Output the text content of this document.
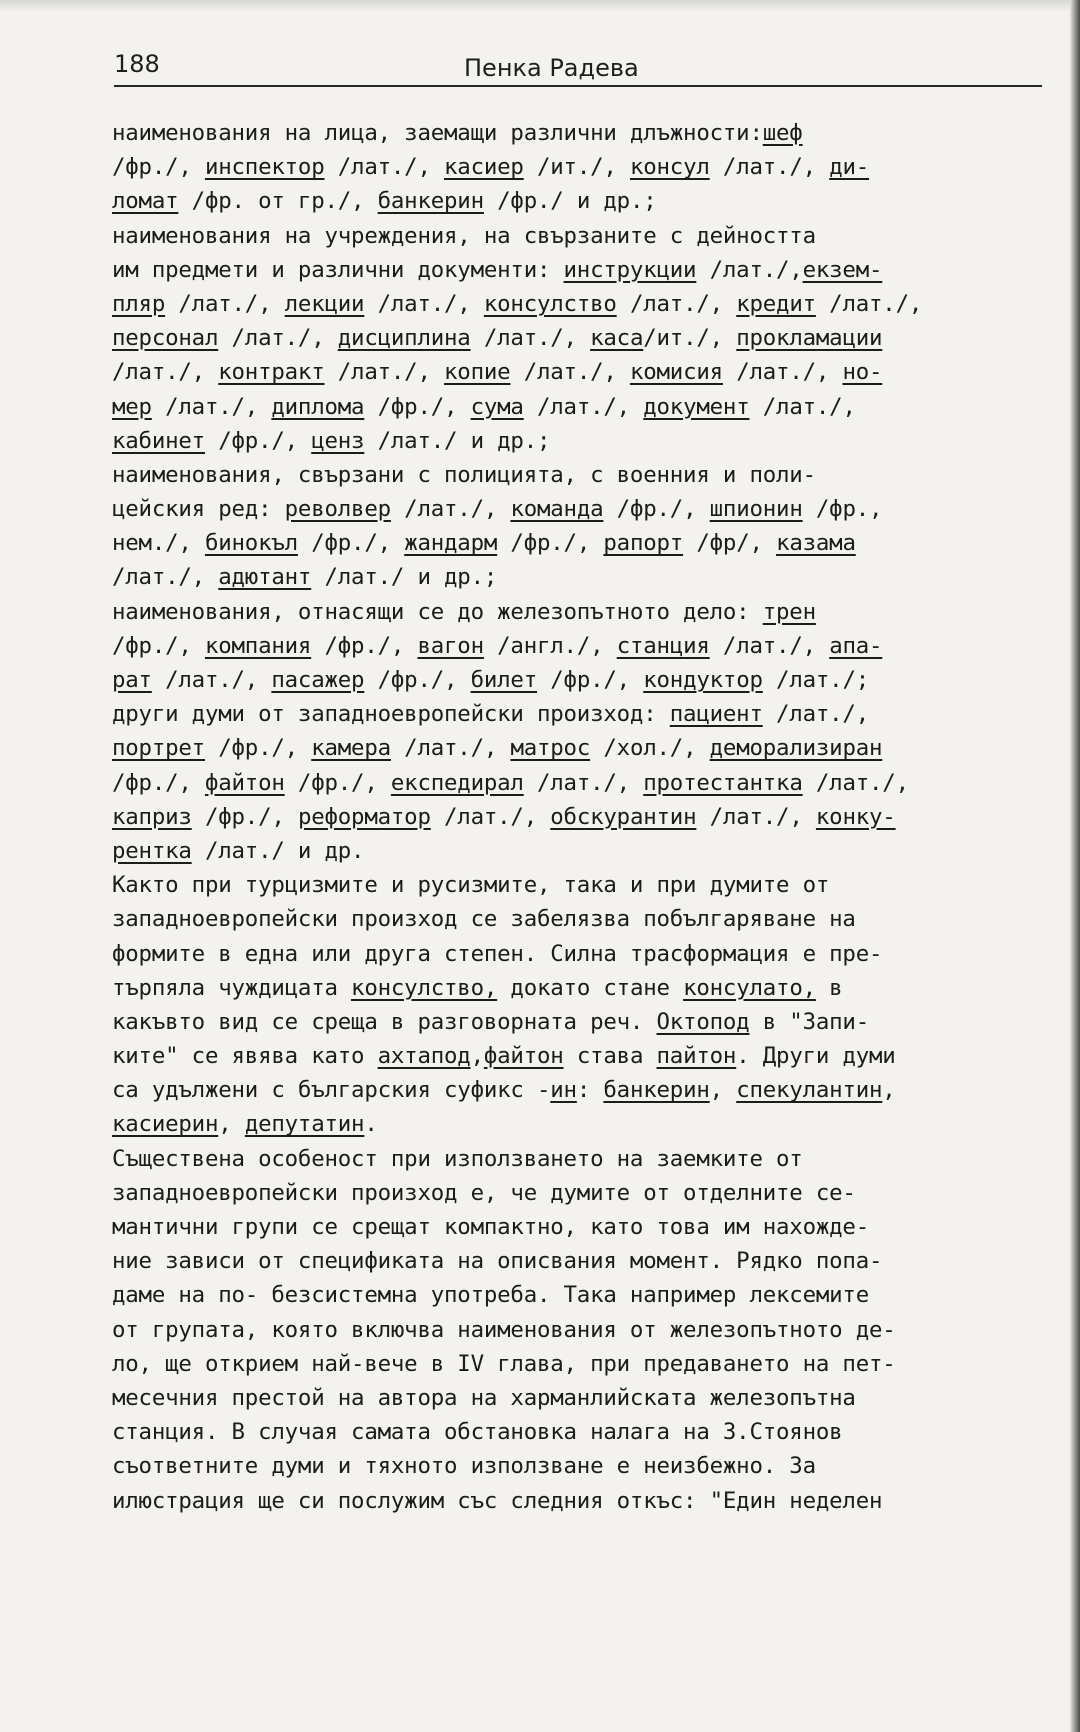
188	Пенка Радева
наименования на лица, заемащи различни длъжности:шеф
/фр./, инспектор /лат./, касиер /ит./, консул /лат./, ди-
ломат /фр. от гр./, банкерин /фр./ и др.;
наименования на учреждения, на свързаните с дейността
им предмети и различни документи: инструкции /лат./,екзем-
пляр /лат./, лекции /лат./, консулство /лат./, кредит /лат./,
персонал /лат./, дисциплина /лат./, каса/ит./, прокламации
/лат./, контракт /лат./, копие /лат./, комисия /лат./, но-
мер /лат./, диплома /фр./, сума /лат./, документ /лат./,
кабинет /фр./, ценз /лат./ и др.;
наименования, свързани с полицията, с военния и поли-
цейския ред: револвер /лат./, команда /фр./, шпионин /фр.,
нем./, бинокъл /фр./, жандарм /фр./, рапорт /фр/, казама
/лат./, адютант /лат./ и др.;
наименования, отнасящи се до железопътното дело: трен
/фр./, компания /фр./, вагон /англ./, станция /лат./, апа-
рат /лат./, пасажер /фр./, билет /фр./, кондуктор /лат./;
други думи от западноевропейски произход: пациент /лат./,
портрет /фр./, камера /лат./, матрос /хол./, деморализиран
/фр./, файтон /фр./, експедирал /лат./, протестантка /лат./,
каприз /фр./, реформатор /лат./, обскурантин /лат./, конку-
рентка /лат./ и др.
Както при турцизмите и русизмите, така и при думите от
западноевропейски произход се забелязва побългаряване на
формите в една или друга степен. Силна трасформация е пре-
търпяла чуждицата консулство, докато стане консулато, в
какъвто вид се среща в разговорната реч. Октопод в "Запи-
ките" се явява като ахтапод,файтон става пайтон. Други думи
са удължени с българския суфикс -ин: банкерин, спекулантин,
касиерин, депутатин.
Съществена особеност при използването на заемките от
западноевропейски произход е, че думите от отделните се-
мантични групи се срещат компактно, като това им нахожде-
ние зависи от спецификата на описвания момент. Рядко попа-
даме на по- безсистемна употреба. Така например лексемите
от групата, която включва наименования от железопътното де-
ло, ще открием най-вече в IV глава, при предаването на пет-
месечния престой на автора на харманлийската железопътна
станция. В случая самата обстановка налага на З.Стоянов
съответните думи и тяхното използване е неизбежно. За
илюстрация ще си послужим със следния откъс: "Един неделен
